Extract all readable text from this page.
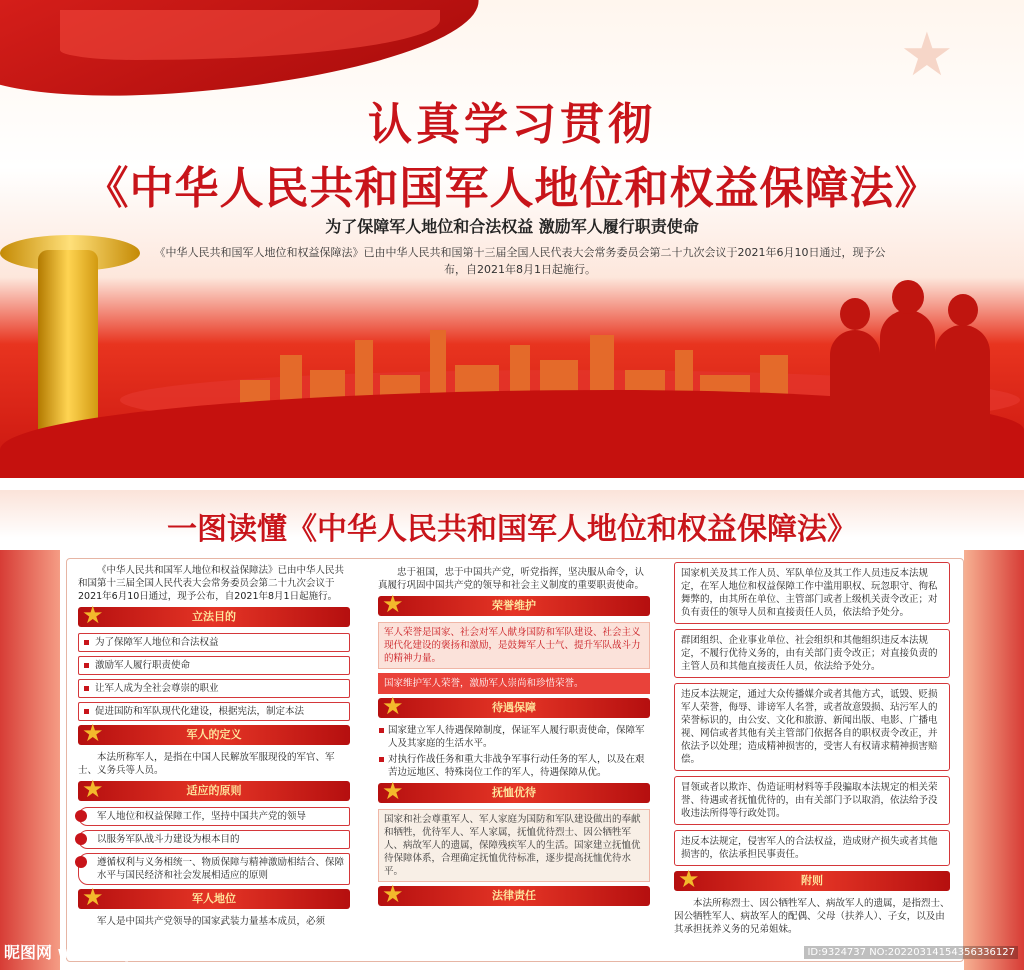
★
认真学习贯彻
《中华人民共和国军人地位和权益保障法》
为了保障军人地位和合法权益 激励军人履行职责使命
《中华人民共和国军人地位和权益保障法》已由中华人民共和国第十三届全国人民代表大会常务委员会第二十九次会议于2021年6月10日通过，现予公布，自2021年8月1日起施行。
一图读懂《中华人民共和国军人地位和权益保障法》

《中华人民共和国军人地位和权益保障法》已由中华人民共和国第十三届全国人民代表大会常务委员会第二十九次会议于2021年6月10日通过，现予公布，自2021年8月1日起施行。

★	立法目的
为了保障军人地位和合法权益
激励军人履行职责使命
让军人成为全社会尊崇的职业
促进国防和军队现代化建设，根据宪法，制定本法
★	军人的定义

本法所称军人，是指在中国人民解放军服现役的军官、军士、义务兵等人员。

★	适应的原则
军人地位和权益保障工作，坚持中国共产党的领导
以服务军队战斗力建设为根本目的
遵循权利与义务相统一、物质保障与精神激励相结合、保障水平与国民经济和社会发展相适应的原则
★	军人地位

军人是中国共产党领导的国家武装力量基本成员，必须

忠于祖国，忠于中国共产党，听党指挥，坚决服从命令，认真履行巩固中国共产党的领导和社会主义制度的重要职责使命。

★	荣誉维护
军人荣誉是国家、社会对军人献身国防和军队建设、社会主义现代化建设的褒扬和激励，是鼓舞军人士气、提升军队战斗力的精神力量。
国家维护军人荣誉，激励军人崇尚和珍惜荣誉。
★	待遇保障
国家建立军人待遇保障制度，保证军人履行职责使命，保障军人及其家庭的生活水平。
对执行作战任务和重大非战争军事行动任务的军人，以及在艰苦边远地区、特殊岗位工作的军人，待遇保障从优。
★	抚恤优待
国家和社会尊重军人、军人家庭为国防和军队建设做出的奉献和牺牲，优待军人、军人家属，抚恤优待烈士、因公牺牲军人、病故军人的遗属，保障残疾军人的生活。国家建立抚恤优待保障体系，合理确定抚恤优待标准，逐步提高抚恤优待水平。
★	法律责任
国家机关及其工作人员、军队单位及其工作人员违反本法规定，在军人地位和权益保障工作中滥用职权、玩忽职守、徇私舞弊的，由其所在单位、主管部门或者上级机关责令改正；对负有责任的领导人员和直接责任人员，依法给予处分。
群团组织、企业事业单位、社会组织和其他组织违反本法规定，不履行优待义务的，由有关部门责令改正；对直接负责的主管人员和其他直接责任人员，依法给予处分。
违反本法规定，通过大众传播媒介或者其他方式，诋毁、贬损军人荣誉，侮辱、诽谤军人名誉，或者故意毁损、玷污军人的荣誉标识的，由公安、文化和旅游、新闻出版、电影、广播电视、网信或者其他有关主管部门依据各自的职权责令改正，并依法予以处理；造成精神损害的，受害人有权请求精神损害赔偿。
冒领或者以欺诈、伪造证明材料等手段骗取本法规定的相关荣誉、待遇或者抚恤优待的，由有关部门予以取消，依法给予没收违法所得等行政处罚。
违反本法规定，侵害军人的合法权益，造成财产损失或者其他损害的，依法承担民事责任。
★	附则

本法所称烈士、因公牺牲军人、病故军人的遗属，是指烈士、因公牺牲军人、病故军人的配偶、父母（扶养人）、子女，以及由其承担抚养义务的兄弟姐妹。

昵图网 www.nipic.com	ID:9324737 NO:20220314154356336127
